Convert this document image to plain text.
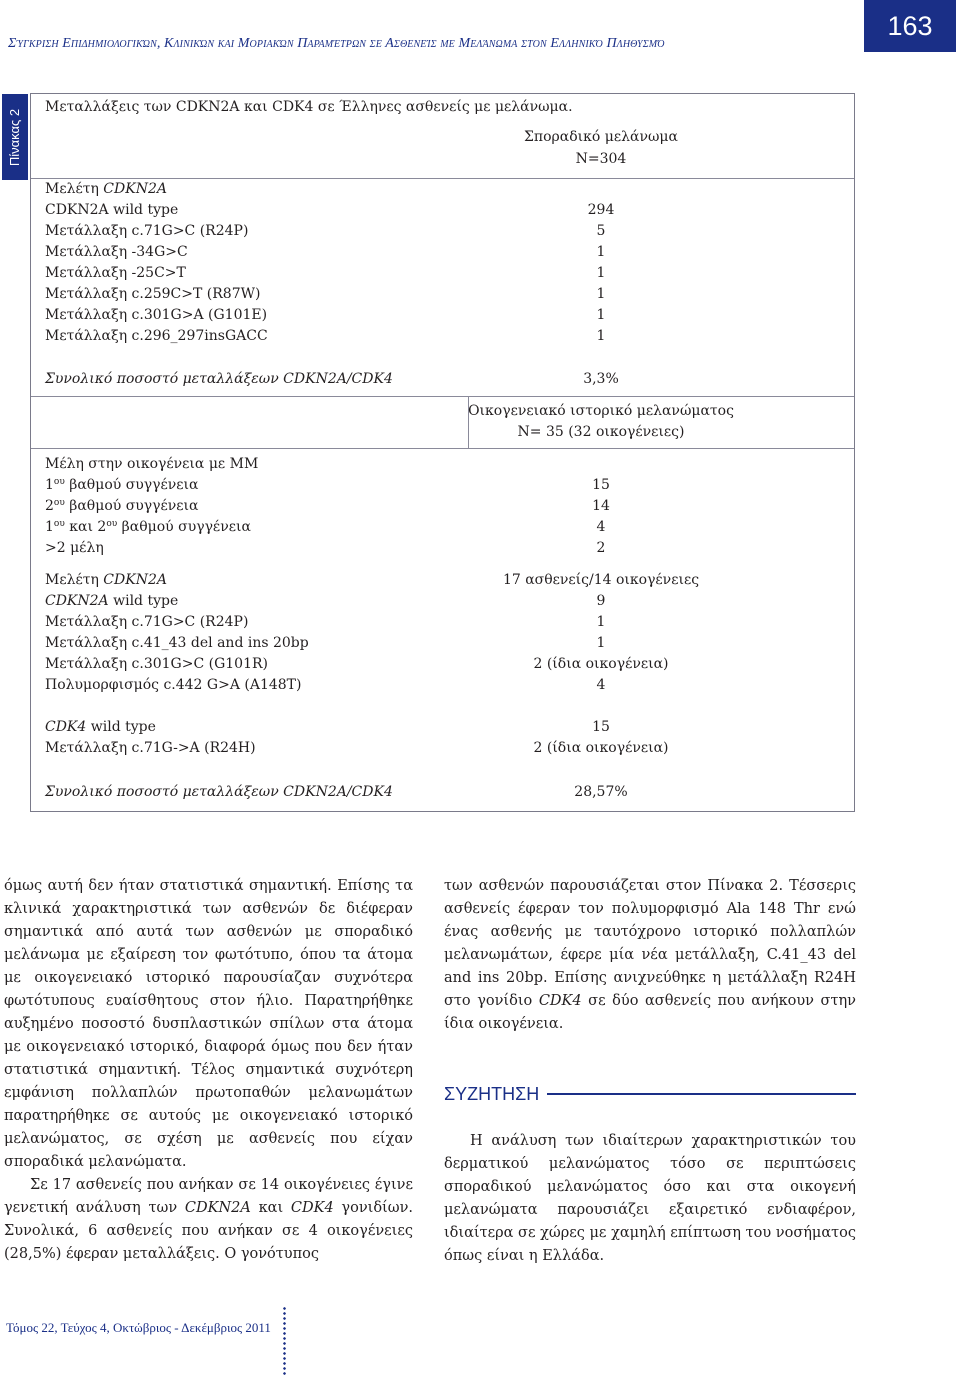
Σύγκριση Επιδημιολογικών, Κλινικών και Μοριακών Παραμέτρων σε Ασθενείς με Μελάνωμα στον Ελληνικό Πληθυσμό
163
Πίνακας 2
Μεταλλάξεις των CDKN2A και CDK4 σε Έλληνες ασθενείς με μελάνωμα.
Σποραδικό μελάνωμα
N=304
Μελέτη CDKN2A
CDKN2A wild type	294
Μετάλλαξη c.71G>C (R24P)	5
Μετάλλαξη -34G>C	1
Μετάλλαξη -25C>T	1
Μετάλλαξη c.259C>T (R87W)	1
Μετάλλαξη c.301G>A (G101E)	1
Μετάλλαξη c.296_297insGACC	1
Συνολικό ποσοστό μεταλλάξεων CDKN2A/CDK4	3,3%
Οικογενειακό ιστορικό μελανώματος
N= 35 (32 οικογένειες)
Μέλη στην οικογένεια με ΜΜ
$1^{o\upsilon}$ βαθμού συγγένεια	15
$2^{o\upsilon}$ βαθμού συγγένεια	14
$1^{o\upsilon}$ και $2^{o\upsilon}$ βαθμού συγγένεια	4
>2 μέλη	2
Μελέτη CDKN2A	17 ασθενείς/14 οικογένειες
CDKN2A wild type	9
Μετάλλαξη c.71G>C (R24P)	1
Μετάλλαξη c.41_43 del and ins 20bp	1
Μετάλλαξη c.301G>C (G101R)	2 (ίδια οικογένεια)
Πολυμορφισμός c.442 G>A (A148T)	4
CDK4 wild type	15
Μετάλλαξη c.71G->A (R24H)	2 (ίδια οικογένεια)
Συνολικό ποσοστό μεταλλάξεων CDKN2A/CDK4	28,57%

όμως αυτή δεν ήταν στατιστικά σημαντική. Επίσης τα κλινικά χαρακτηριστικά των ασθενών δε διέφεραν σημαντικά από αυτά των ασθενών με σποραδικό μελάνωμα με εξαίρεση τον φωτότυπο, όπου τα άτομα με οικογενειακό ιστορικό παρουσίαζαν συχνότερα φωτότυπους ευαίσθητους στον ήλιο. Παρατηρήθηκε αυξημένο ποσοστό δυσπλαστικών σπίλων στα άτομα με οικογενειακό ιστορικό, διαφορά όμως που δεν ήταν στατιστικά σημαντική. Τέλος σημαντικά συχνότερη εμφάνιση πολλαπλών πρωτοπαθών μελανωμάτων παρατηρήθηκε σε αυτούς με οικογενειακό ιστορικό μελανώματος, σε σχέση με ασθενείς που είχαν σποραδικά μελανώματα.

Σε 17 ασθενείς που ανήκαν σε 14 οικογένειες έγινε γενετική ανάλυση των CDKN2A και CDK4 γονιδίων. Συνολικά, 6 ασθενείς που ανήκαν σε 4 οικογένειες (28,5%) έφεραν μεταλλάξεις. Ο γονότυπος

των ασθενών παρουσιάζεται στον Πίνακα 2. Τέσσερις ασθενείς έφεραν τον πολυμορφισμό Ala 148 Thr ενώ ένας ασθενής με ταυτόχρονο ιστορικό πολλαπλών μελανωμάτων, έφερε μία νέα μετάλλαξη, C.41_43 del and ins 20bp. Επίσης ανιχνεύθηκε η μετάλλαξη R24H στο γονίδιο CDK4 σε δύο ασθενείς που ανήκουν στην ίδια οικογένεια.

ΣΥΖΗΤΗΣΗ

Η ανάλυση των ιδιαίτερων χαρακτηριστικών του δερματικού μελανώματος τόσο σε περιπτώσεις σποραδικού μελανώματος όσο και στα οικογενή μελανώματα παρουσιάζει εξαιρετικό ενδιαφέρον, ιδιαίτερα σε χώρες με χαμηλή επίπτωση του νοσήματος όπως είναι η Ελλάδα.

Τόμος 22, Τεύχος 4, Οκτώβριος - Δεκέμβριος 2011
